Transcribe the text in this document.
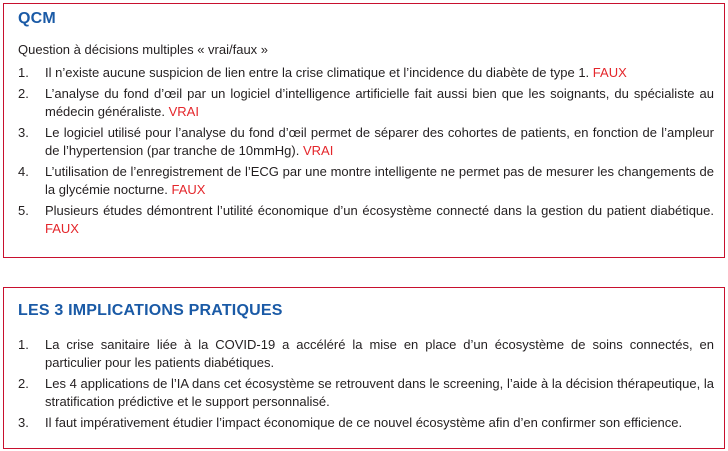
QCM
Question à décisions multiples « vrai/faux »
1. Il n’existe aucune suspicion de lien entre la crise climatique et l’incidence du diabète de type 1. FAUX
2. L’analyse du fond d’œil par un logiciel d’intelligence artificielle fait aussi bien que les soignants, du spécialiste au médecin généraliste. VRAI
3. Le logiciel utilisé pour l’analyse du fond d’œil permet de séparer des cohortes de patients, en fonction de l’ampleur de l’hypertension (par tranche de 10mmHg). VRAI
4. L’utilisation de l’enregistrement de l’ECG par une montre intelligente ne permet pas de mesurer les changements de la glycémie nocturne. FAUX
5. Plusieurs études démontrent l’utilité économique d’un écosystème connecté dans la gestion du patient diabétique. FAUX
LES 3 IMPLICATIONS PRATIQUES
1. La crise sanitaire liée à la COVID-19 a accéléré la mise en place d’un écosystème de soins connectés, en particulier pour les patients diabétiques.
2. Les 4 applications de l’IA dans cet écosystème se retrouvent dans le screening, l’aide à la décision thérapeutique, la stratification prédictive et le support personnalisé.
3. Il faut impérativement étudier l’impact économique de ce nouvel écosystème afin d’en confirmer son efficience.
